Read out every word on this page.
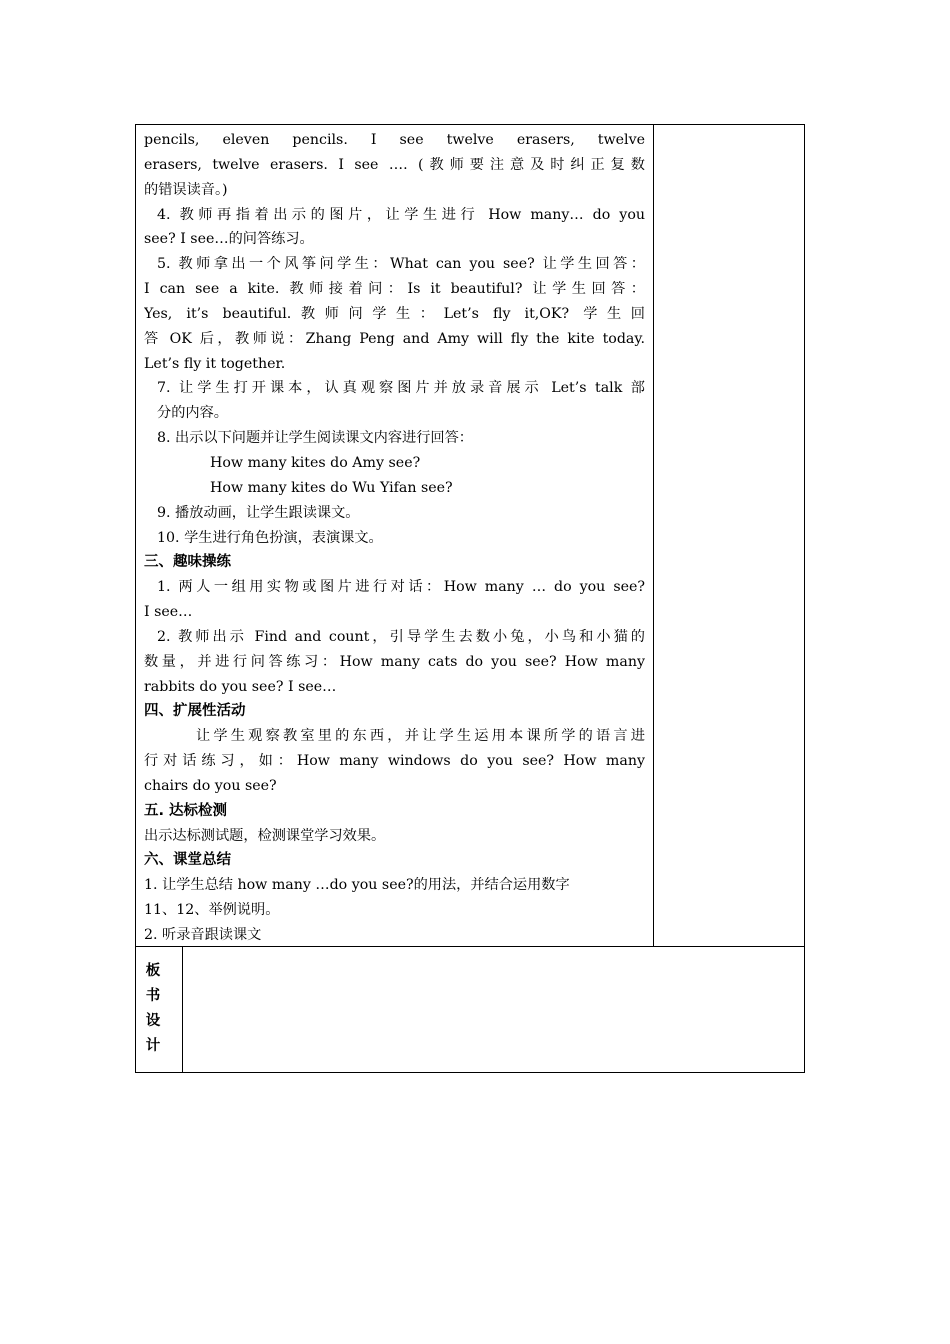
pencils, eleven pencils. I see twelve erasers, twelve
erasers, twelve erasers. I see …. (教师要注意及时纠正复数
的错误读音。)
4. 教师再指着出示的图片，让学生进行 How many… do you
see? I see…的问答练习。
5. 教师拿出一个风筝问学生：What can you see? 让学生回答：
I can see a kite. 教师接着问：Is it beautiful? 让学生回答：
Yes, it’s beautiful.教师问学生：Let’s fly it,OK? 学生回
答 OK 后，教师说：Zhang Peng and Amy will fly the kite today.
Let’s fly it together.
7. 让学生打开课本，认真观察图片并放录音展示 Let’s talk 部
分的内容。
8. 出示以下问题并让学生阅读课文内容进行回答：
How many kites do Amy see?
How many kites do Wu Yifan see?
9. 播放动画，让学生跟读课文。
10. 学生进行角色扮演，表演课文。
三、趣味操练
1. 两人一组用实物或图片进行对话：How many … do you see?
I see…
2. 教师出示 Find and count，引导学生去数小兔，小鸟和小猫的
数量，并进行问答练习：How many cats do you see? How many
rabbits do you see? I see…
四、扩展性活动
让学生观察教室里的东西，并让学生运用本课所学的语言进
行对话练习，如：How many windows do you see? How many
chairs do you see?
五. 达标检测
出示达标测试题，检测课堂学习效果。
六、课堂总结
1. 让学生总结 how many …do you see?的用法，并结合运用数字
11、12、举例说明。
2. 听录音跟读课文
板
书
设
计
